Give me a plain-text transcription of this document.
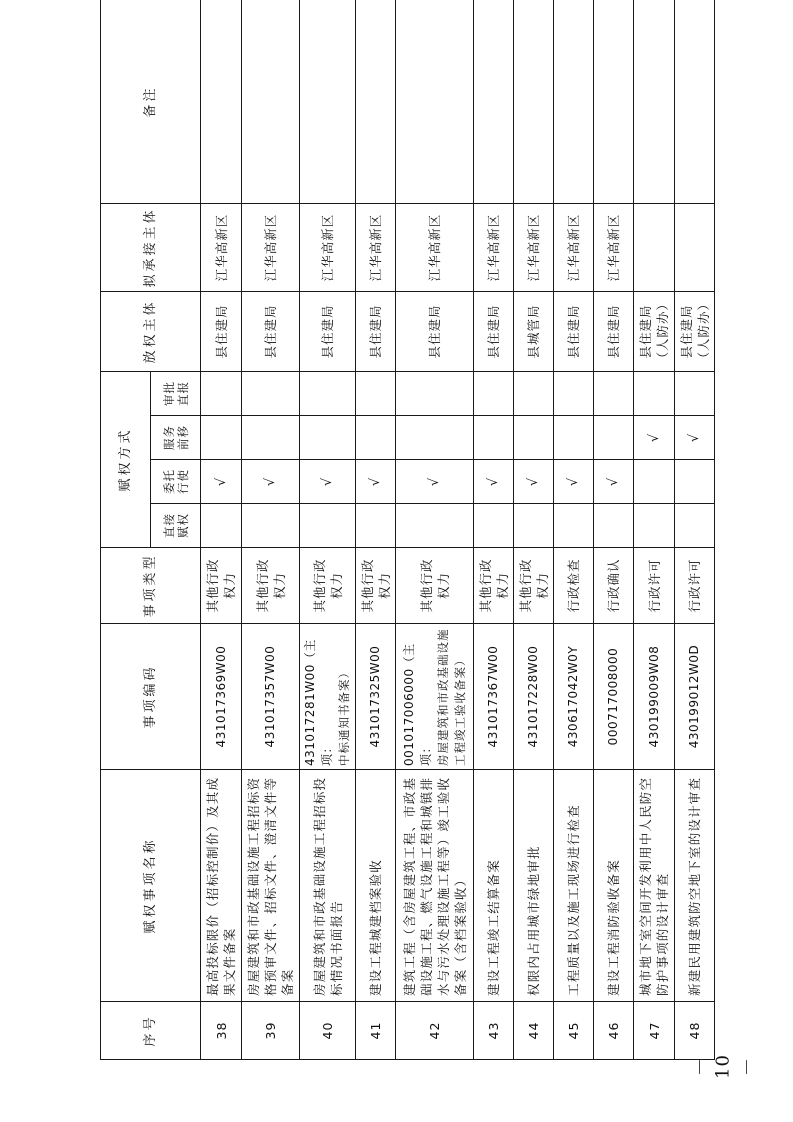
序号	赋权事项名称	事项编码	事项类型	赋权方式				放权主体	拟承接主体	备注
				直接赋权	委托行使	服务前移	审批直报			
38	最高投标限价（招标控制价）及其成果文件备案	431017369W00	其他行政权力		√			县住建局	江华高新区	
39	房屋建筑和市政基础设施工程招标资格预审文件、招标文件、澄清文件等备案	431017357W00	其他行政权力		√			县住建局	江华高新区	
40	房屋建筑和市政基础设施工程招标投标情况书面报告	431017281W00（主项： 中标通知书备案）	其他行政权力		√			县住建局	江华高新区	
41	建设工程城建档案验收	431017325W00	其他行政权力		√			县住建局	江华高新区	
42	建筑工程（含房屋建筑工程、市政基础设施工程、燃气设施工程和城镇排水与污水处理设施工程等）竣工验收备案（含档案验收）	001017006000（主项： 房屋建筑和市政基础设施工程竣工验收备案）	其他行政权力		√			县住建局	江华高新区	
43	建设工程竣工结算备案	431017367W00	其他行政权力		√			县住建局	江华高新区	
44	权限内占用城市绿地审批	431017228W00	其他行政权力		√			县城管局	江华高新区	
45	工程质量以及施工现场进行检查	430617042W0Y	行政检查		√			县住建局	江华高新区	
46	建设工程消防验收备案	000717008000	行政确认		√			县住建局	江华高新区	
47	城市地下室空间开发利用中人民防空防护事项的设计审查	430199009W08	行政许可			√		县住建局（人防办）		
48	新建民用建筑防空地下室的设计审查	430199012W0D	行政许可			√		县住建局（人防办）		
－ 10 －
